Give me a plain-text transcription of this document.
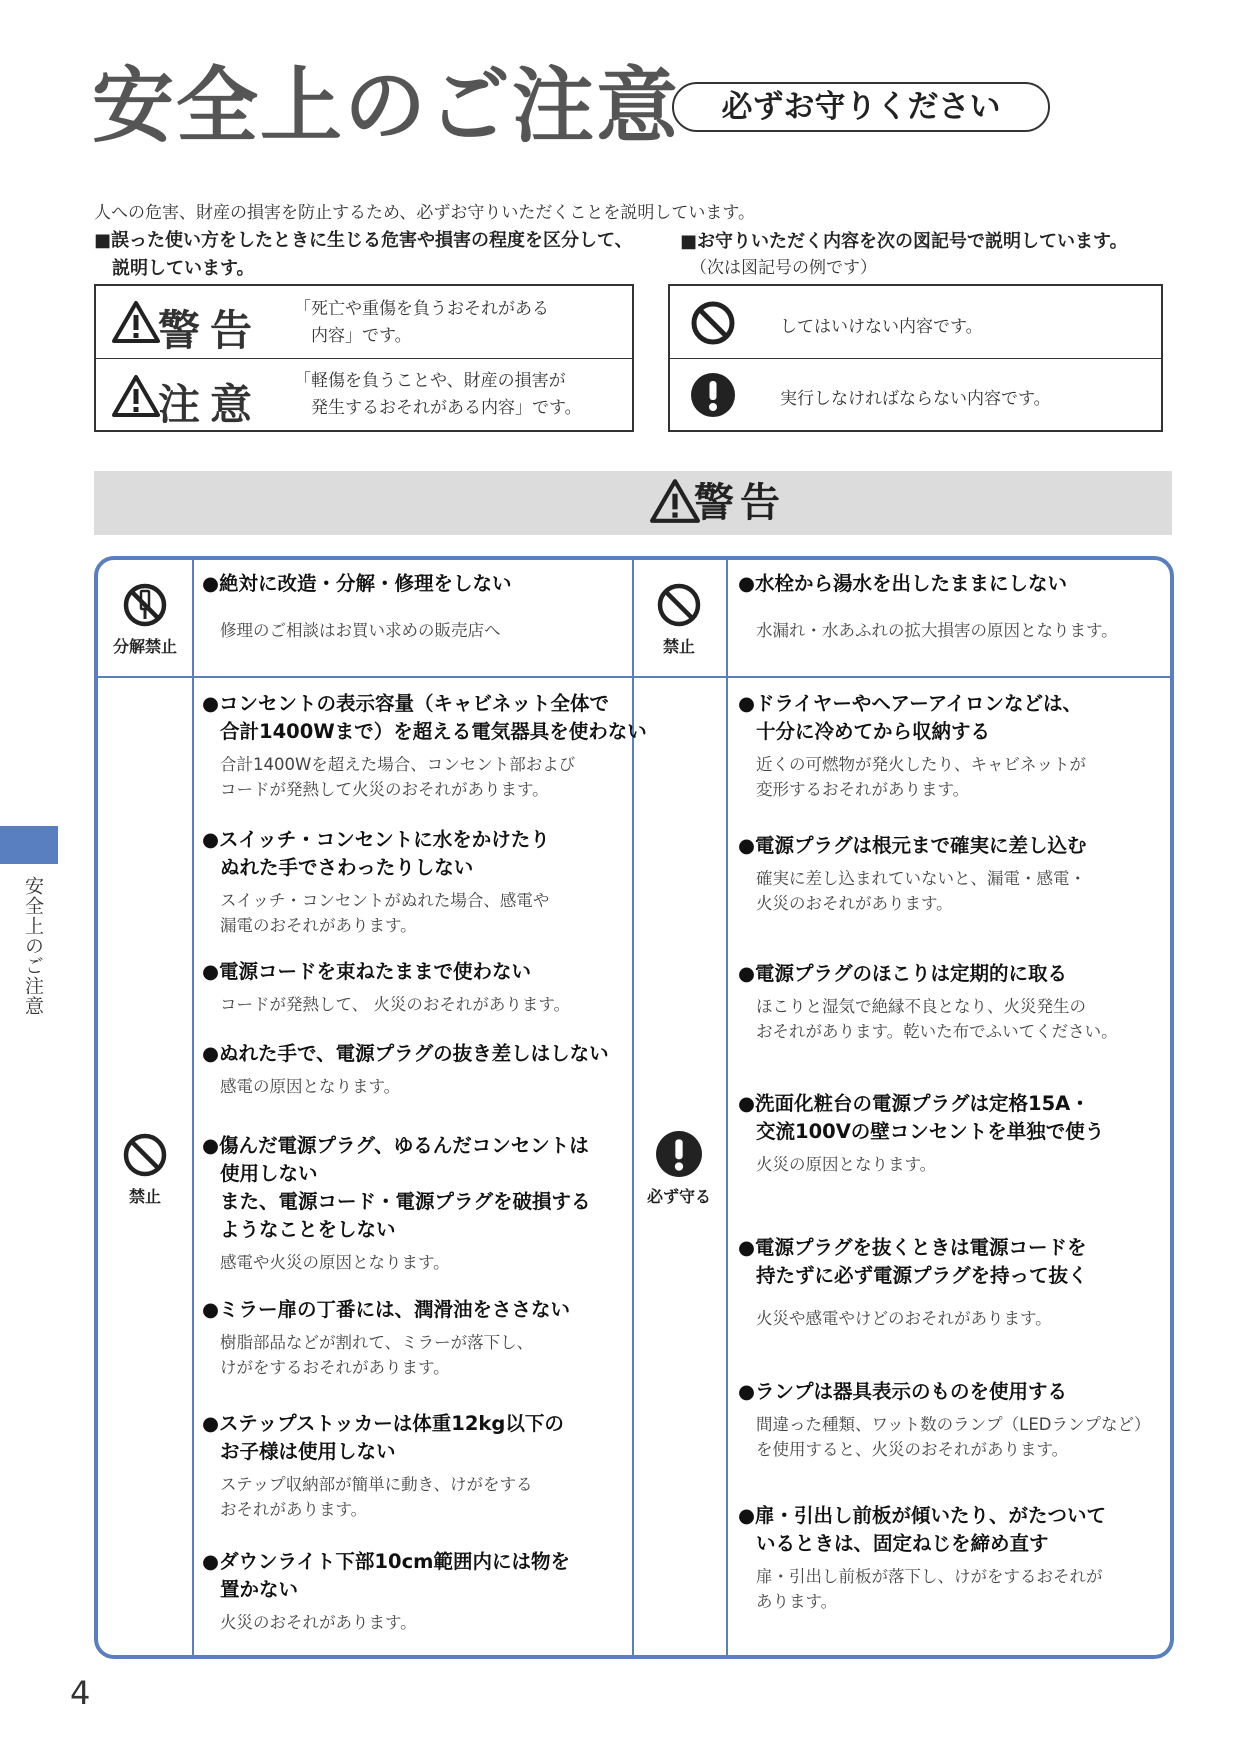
安全上のご注意	必ずお守りください
人への危害、財産の損害を防止するため、必ずお守りいただくことを説明しています。
■誤った使い方をしたときに生じる危害や損害の程度を区分して、
　説明しています。
■お守りいただく内容を次の図記号で説明しています。
（次は図記号の例です）
警告 「死亡や重傷を負うおそれがある
　内容」です。
注意 「軽傷を負うことや、財産の損害が
　発生するおそれがある内容」です。
してはいけない内容です。
実行しなければならない内容です。
警告
分解禁止
●絶対に改造・分解・修理をしない
修理のご相談はお買い求めの販売店へ
禁止
●水栓から湯水を出したままにしない
水漏れ・水あふれの拡大損害の原因となります。
禁止	必ず守る
●コンセントの表示容量（キャビネット全体で
合計1400Wまで）を超える電気器具を使わない
合計1400Wを超えた場合、コンセント部および
コードが発熱して火災のおそれがあります。
●スイッチ・コンセントに水をかけたり
ぬれた手でさわったりしない
スイッチ・コンセントがぬれた場合、感電や
漏電のおそれがあります。
●電源コードを束ねたままで使わない
コードが発熱して、 火災のおそれがあります。
●ぬれた手で、電源プラグの抜き差しはしない
感電の原因となります。
●傷んだ電源プラグ、ゆるんだコンセントは
使用しない
また、電源コード・電源プラグを破損する
ようなことをしない
感電や火災の原因となります。
●ミラー扉の丁番には、潤滑油をささない
樹脂部品などが割れて、ミラーが落下し、
けがをするおそれがあります。
●ステップストッカーは体重12kg以下の
お子様は使用しない
ステップ収納部が簡単に動き、けがをする
おそれがあります。
●ダウンライト下部10cm範囲内には物を
置かない
火災のおそれがあります。
●ドライヤーやヘアーアイロンなどは、
十分に冷めてから収納する
近くの可燃物が発火したり、キャビネットが
変形するおそれがあります。
●電源プラグは根元まで確実に差し込む
確実に差し込まれていないと、漏電・感電・
火災のおそれがあります。
●電源プラグのほこりは定期的に取る
ほこりと湿気で絶縁不良となり、火災発生の
おそれがあります。乾いた布でふいてください。
●洗面化粧台の電源プラグは定格15A・
交流100Vの壁コンセントを単独で使う
火災の原因となります。
●電源プラグを抜くときは電源コードを
持たずに必ず電源プラグを持って抜く
火災や感電やけどのおそれがあります。
●ランプは器具表示のものを使用する
間違った種類、ワット数のランプ（LEDランプなど）
を使用すると、火災のおそれがあります。
●扉・引出し前板が傾いたり、がたついて
いるときは、固定ねじを締め直す
扉・引出し前板が落下し、けがをするおそれが
あります。
安全上のご注意
4
